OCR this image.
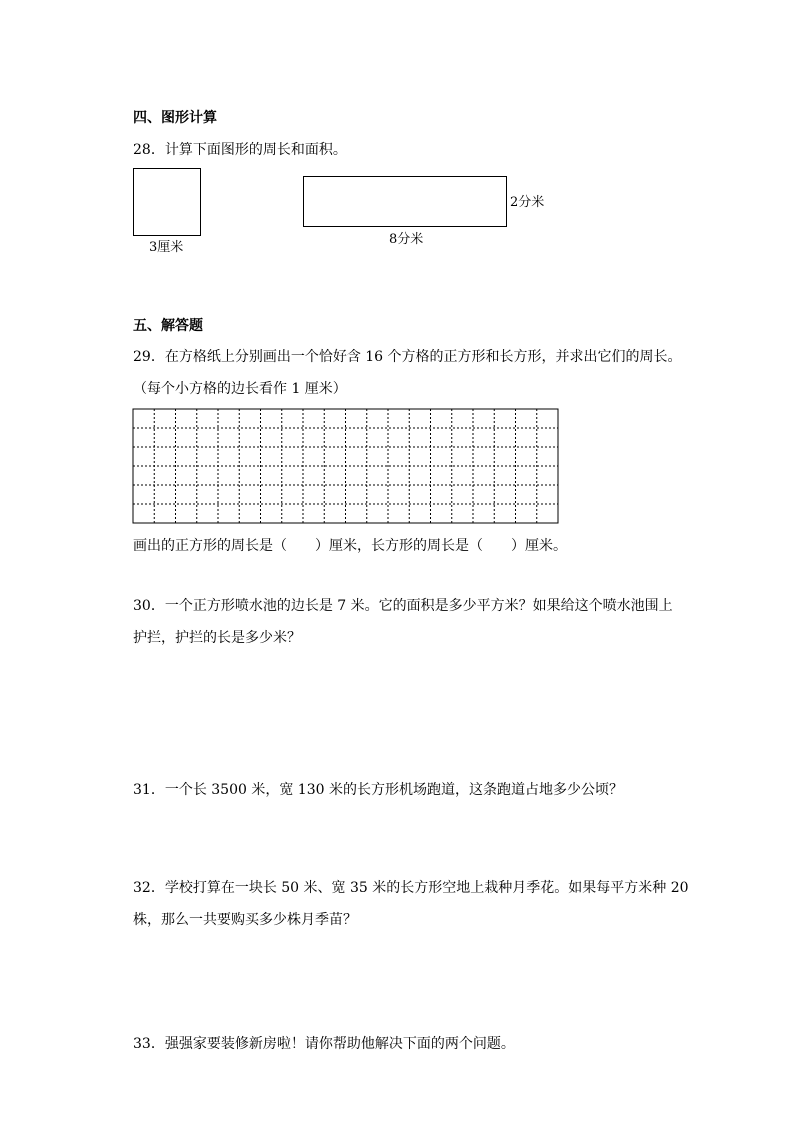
四、图形计算
28．计算下面图形的周长和面积。
3厘米
2分米
8分米
五、解答题
29．在方格纸上分别画出一个恰好含 16 个方格的正方形和长方形，并求出它们的周长。
（每个小方格的边长看作 1 厘米）
画出的正方形的周长是（　　）厘米，长方形的周长是（　　）厘米。
30．一个正方形喷水池的边长是 7 米。它的面积是多少平方米？如果给这个喷水池围上
护拦，护拦的长是多少米？
31．一个长 3500 米，宽 130 米的长方形机场跑道，这条跑道占地多少公顷？
32．学校打算在一块长 50 米、宽 35 米的长方形空地上栽种月季花。如果每平方米种 20
株，那么一共要购买多少株月季苗？
33．强强家要装修新房啦！请你帮助他解决下面的两个问题。
